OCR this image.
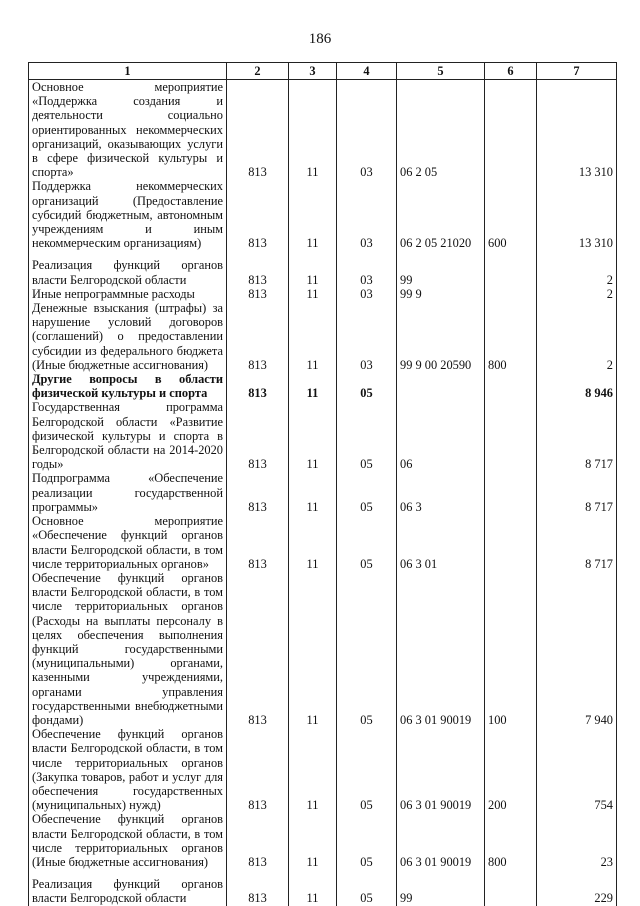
186
1	2	3	4	5	6	7
Основное мероприятие «Поддержка создания и деятельности социально ориентированных некоммерческих организаций, оказывающих услуги в сфере физической культуры и спорта»	813	11	03	06 2 05		13 310
Поддержка некоммерческих организаций (Предоставление субсидий бюджетным, автономным учреждениям и иным некоммерческим организациям)	813	11	03	06 2 05 21020	600	13 310
Реализация функций органов власти Белгородской области	813	11	03	99		2
Иные непрограммные расходы	813	11	03	99 9		2
Денежные взыскания (штрафы) за нарушение условий договоров (соглашений) о предоставлении субсидии из федерального бюджета (Иные бюджетные ассигнования)	813	11	03	99 9 00 20590	800	2
Другие вопросы в области физической культуры и спорта	813	11	05			8 946
Государственная программа Белгородской области «Развитие физической культуры и спорта в Белгородской области на 2014-2020 годы»	813	11	05	06		8 717
Подпрограмма «Обеспечение реализации государственной программы»	813	11	05	06 3		8 717
Основное мероприятие «Обеспечение функций органов власти Белгородской области, в том числе территориальных органов»	813	11	05	06 3 01		8 717
Обеспечение функций органов власти Белгородской области, в том числе территориальных органов (Расходы на выплаты персоналу в целях обеспечения выполнения функций государственными (муниципальными) органами, казенными учреждениями, органами управления государственными внебюджетными фондами)	813	11	05	06 3 01 90019	100	7 940
Обеспечение функций органов власти Белгородской области, в том числе территориальных органов (Закупка товаров, работ и услуг для обеспечения государственных (муниципальных) нужд)	813	11	05	06 3 01 90019	200	754
Обеспечение функций органов власти Белгородской области, в том числе территориальных органов (Иные бюджетные ассигнования)	813	11	05	06 3 01 90019	800	23
Реализация функций органов власти Белгородской области	813	11	05	99		229
